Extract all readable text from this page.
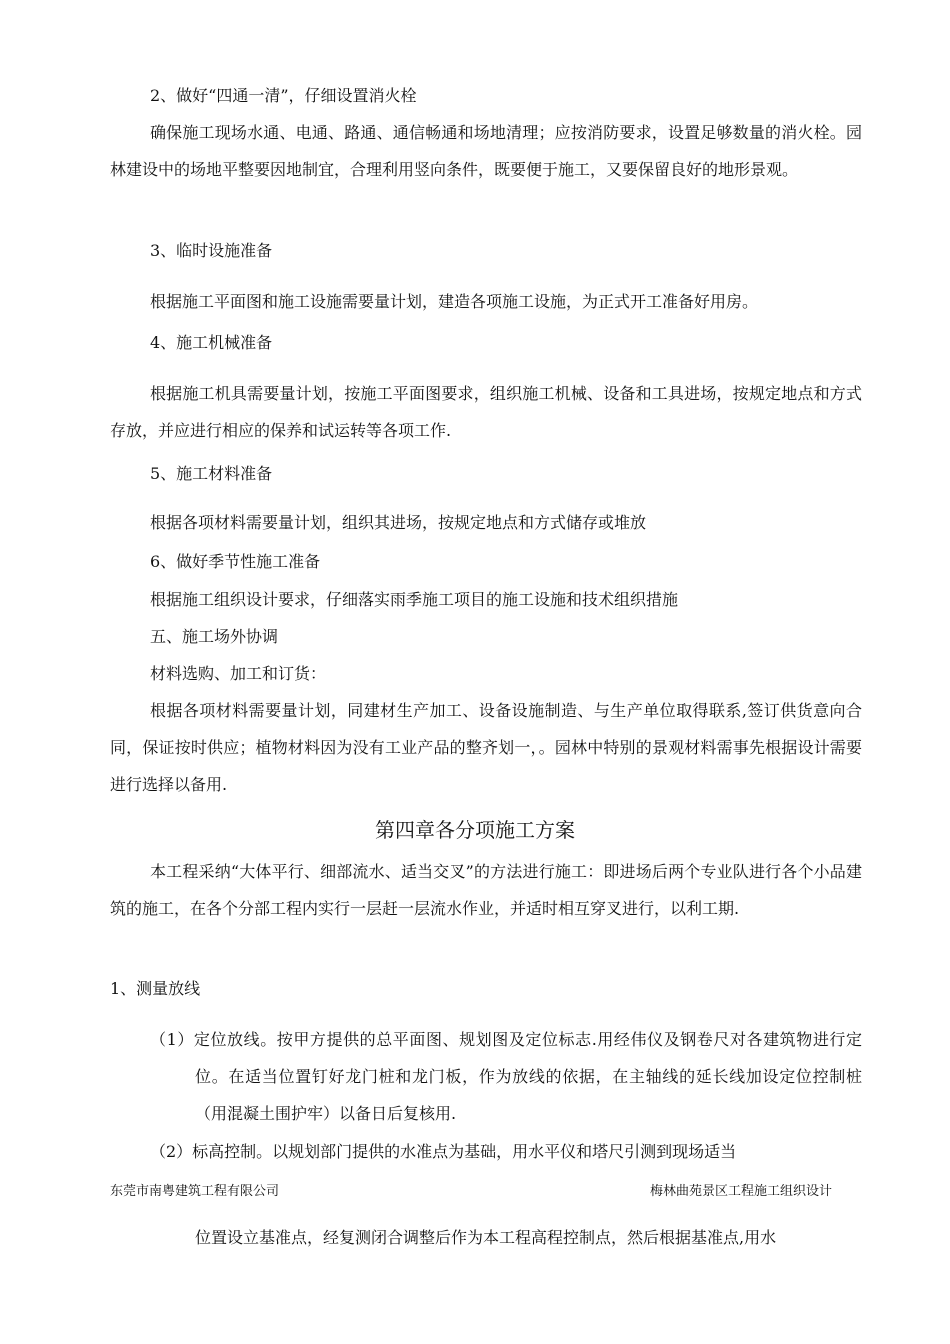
2、做好“四通一清”，仔细设置消火栓

确保施工现场水通、电通、路通、通信畅通和场地清理；应按消防要求，设置足够数量的消火栓。园林建设中的场地平整要因地制宜，合理利用竖向条件，既要便于施工，又要保留良好的地形景观。

3、临时设施准备

根据施工平面图和施工设施需要量计划，建造各项施工设施，为正式开工准备好用房。

4、施工机械准备

根据施工机具需要量计划，按施工平面图要求，组织施工机械、设备和工具进场，按规定地点和方式存放，并应进行相应的保养和试运转等各项工作.

5、施工材料准备

根据各项材料需要量计划，组织其进场，按规定地点和方式储存或堆放

6、做好季节性施工准备

根据施工组织设计要求，仔细落实雨季施工项目的施工设施和技术组织措施

五、施工场外协调

材料选购、加工和订货：

根据各项材料需要量计划，同建材生产加工、设备设施制造、与生产单位取得联系,签订供货意向合同，保证按时供应；植物材料因为没有工业产品的整齐划一，。园林中特别的景观材料需事先根据设计需要进行选择以备用.

第四章各分项施工方案

本工程采纳“大体平行、细部流水、适当交叉”的方法进行施工：即进场后两个专业队进行各个小品建筑的施工，在各个分部工程内实行一层赶一层流水作业，并适时相互穿叉进行，以利工期.

1、测量放线

（1）定位放线。按甲方提供的总平面图、规划图及定位标志.用经伟仪及钢卷尺对各建筑物进行定位。在适当位置钉好龙门桩和龙门板，作为放线的依据，在主轴线的延长线加设定位控制桩（用混凝土围护牢）以备日后复核用.

（2）标高控制。以规划部门提供的水准点为基础，用水平仪和塔尺引测到现场适当

东莞市南粤建筑工程有限公司	梅林曲苑景区工程施工组织设计

位置设立基准点，经复测闭合调整后作为本工程高程控制点，然后根据基准点,用水
